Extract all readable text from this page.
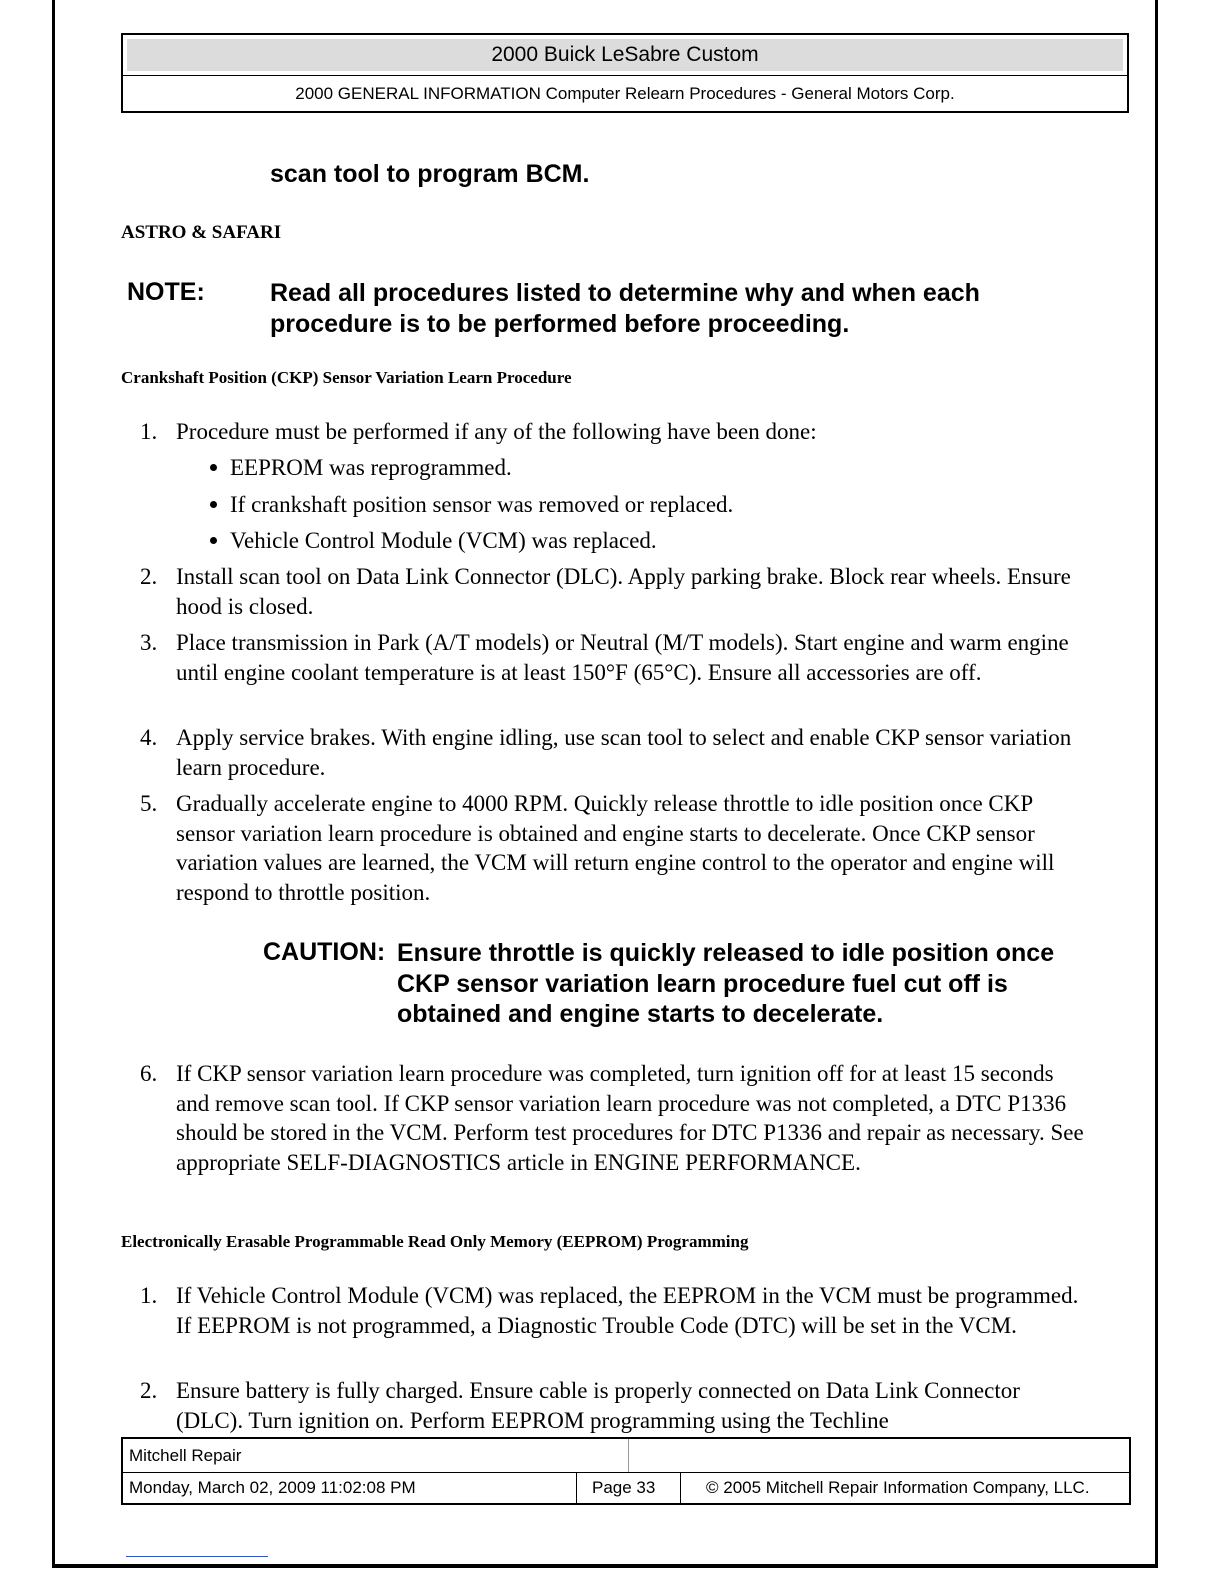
2000 Buick LeSabre Custom
2000 GENERAL INFORMATION Computer Relearn Procedures - General Motors Corp.
scan tool to program BCM.
ASTRO & SAFARI
NOTE:	Read all procedures listed to determine why and when each procedure is to be performed before proceeding.
Crankshaft Position (CKP) Sensor Variation Learn Procedure
1. Procedure must be performed if any of the following have been done:
EEPROM was reprogrammed.
If crankshaft position sensor was removed or replaced.
Vehicle Control Module (VCM) was replaced.
2. Install scan tool on Data Link Connector (DLC). Apply parking brake. Block rear wheels. Ensure hood is closed.
3. Place transmission in Park (A/T models) or Neutral (M/T models). Start engine and warm engine until engine coolant temperature is at least 150°F (65°C). Ensure all accessories are off.
4. Apply service brakes. With engine idling, use scan tool to select and enable CKP sensor variation learn procedure.
5. Gradually accelerate engine to 4000 RPM. Quickly release throttle to idle position once CKP sensor variation learn procedure is obtained and engine starts to decelerate. Once CKP sensor variation values are learned, the VCM will return engine control to the operator and engine will respond to throttle position.
CAUTION: Ensure throttle is quickly released to idle position once CKP sensor variation learn procedure fuel cut off is obtained and engine starts to decelerate.
6. If CKP sensor variation learn procedure was completed, turn ignition off for at least 15 seconds and remove scan tool. If CKP sensor variation learn procedure was not completed, a DTC P1336 should be stored in the VCM. Perform test procedures for DTC P1336 and repair as necessary. See appropriate SELF-DIAGNOSTICS article in ENGINE PERFORMANCE.
Electronically Erasable Programmable Read Only Memory (EEPROM) Programming
1. If Vehicle Control Module (VCM) was replaced, the EEPROM in the VCM must be programmed. If EEPROM is not programmed, a Diagnostic Trouble Code (DTC) will be set in the VCM.
2. Ensure battery is fully charged. Ensure cable is properly connected on Data Link Connector (DLC). Turn ignition on. Perform EEPROM programming using the Techline
Mitchell Repair
Monday, March 02, 2009 11:02:08 PM	Page 33	© 2005 Mitchell Repair Information Company, LLC.
